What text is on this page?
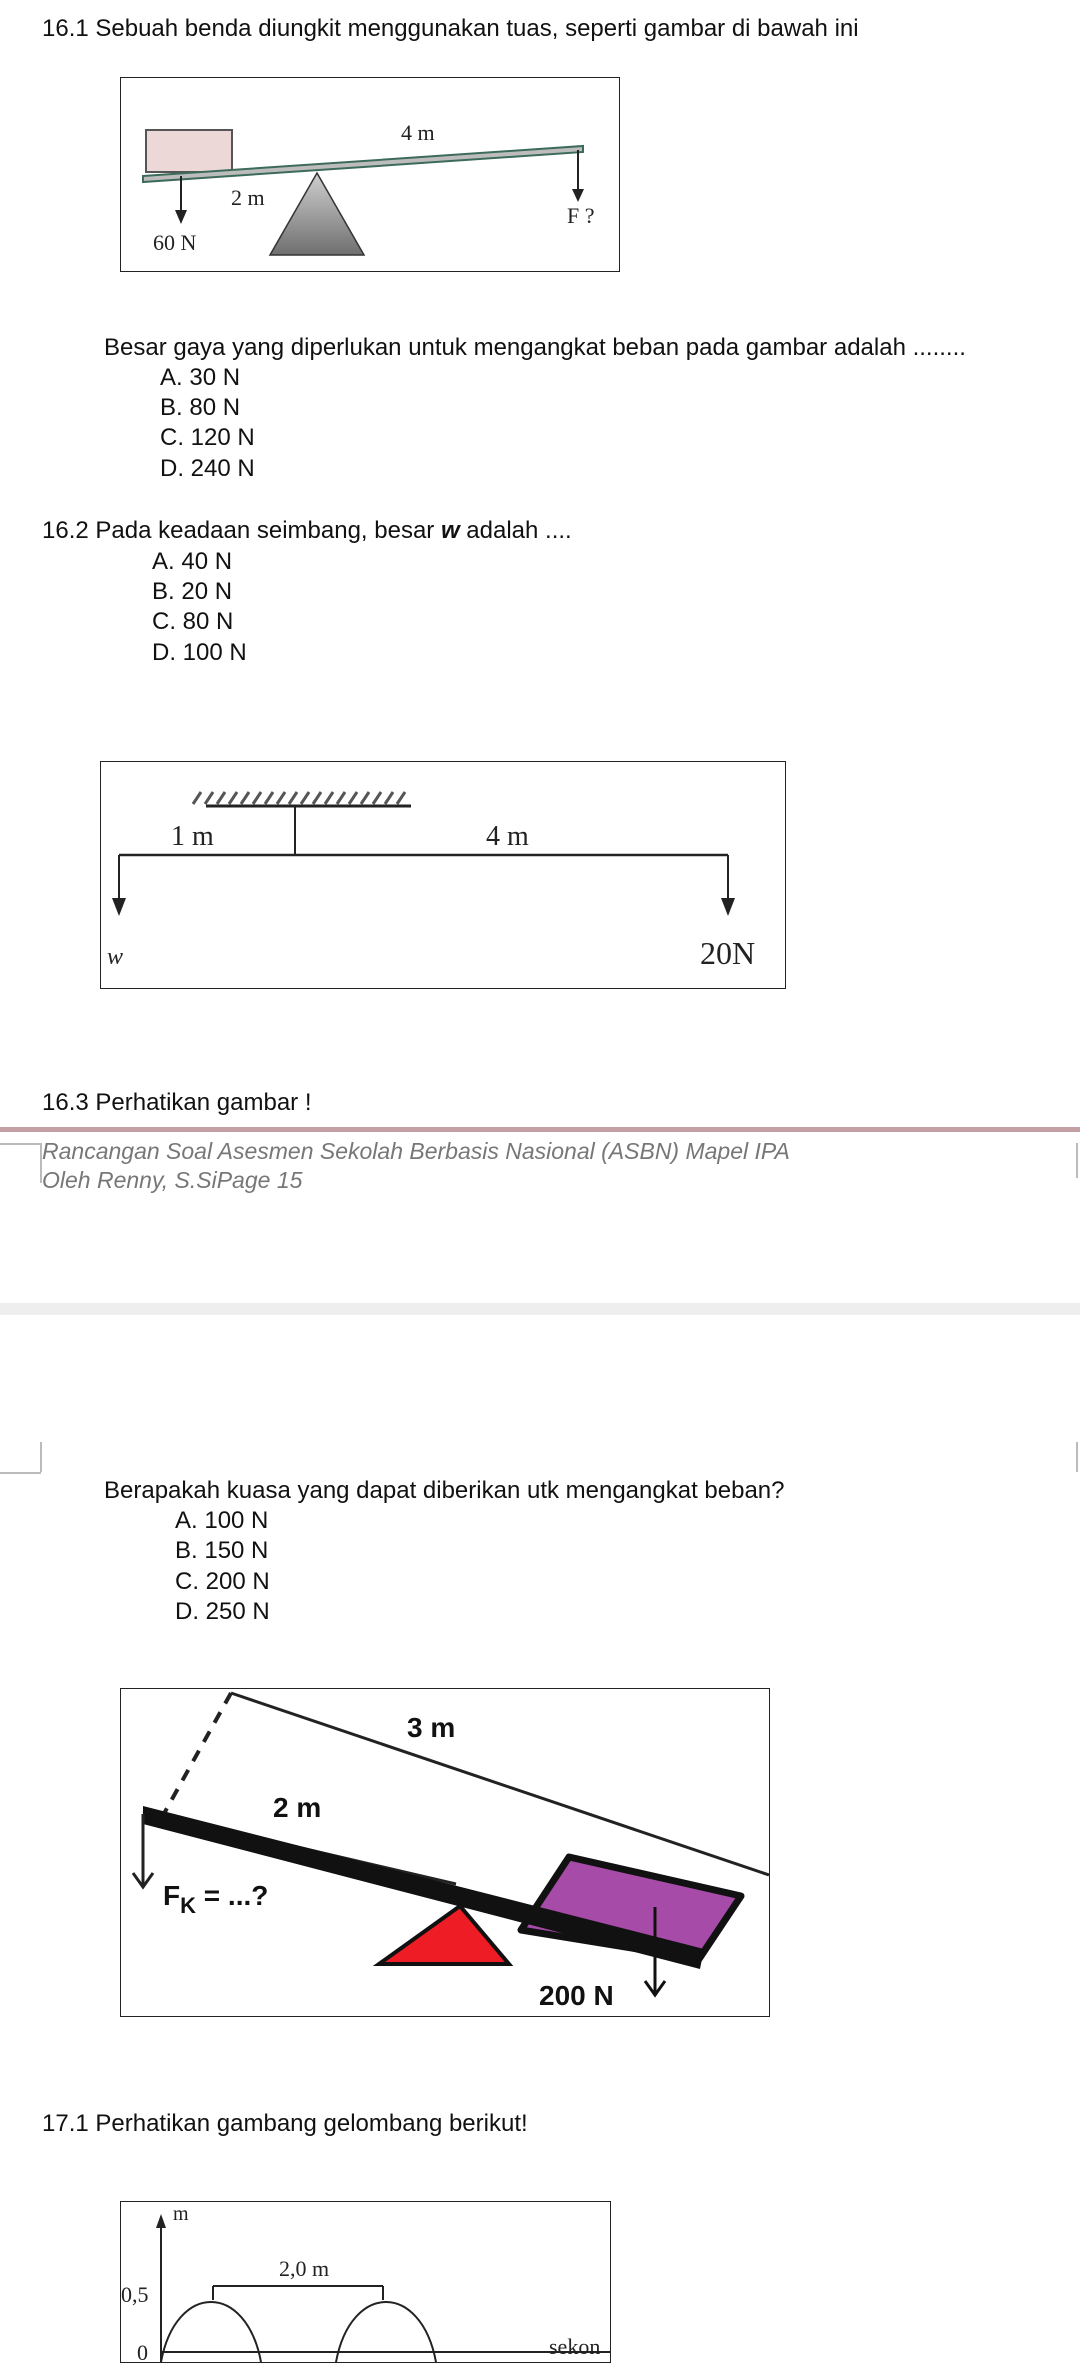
16.1 Sebuah benda diungkit menggunakan tuas, seperti gambar di bawah ini
4 m
2 m
60 N
F ?
Besar gaya yang diperlukan untuk mengangkat beban pada gambar adalah ........
A. 30 N
B. 80 N
C. 120 N
D. 240 N
16.2 Pada keadaan seimbang, besar w adalah ....
A. 40 N
B. 20 N
C. 80 N
D. 100 N
1 m	4 m
w	20N
16.3 Perhatikan gambar !
Rancangan Soal Asesmen Sekolah Berbasis Nasional (ASBN) Mapel IPA
Oleh Renny, S.SiPage 15
Berapakah kuasa yang dapat diberikan utk mengangkat beban?
A. 100 N
B. 150 N
C. 200 N
D. 250 N
3 m
2 m
$F_K$ = ...?
200 N
17.1 Perhatikan gambang gelombang berikut!
m
0,5
0
2,0 m
sekon
